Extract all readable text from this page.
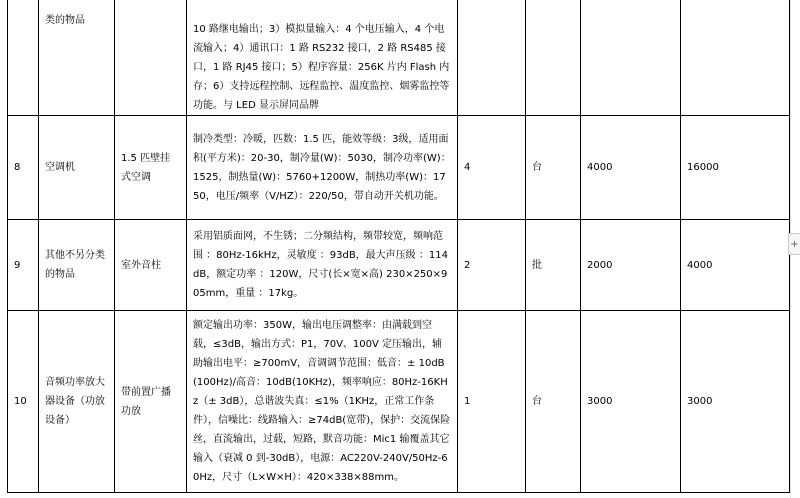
	类的物品		10 路继电输出；3）模拟量输入：4 个电压输入，4 个电流输入；4）通讯口：1 路 RS232 接口，2 路 RS485 接口，1 路 RJ45 接口；5）程序容量：256K 片内 Flash 内存；6）支持远程控制、远程监控、温度监控、烟雾监控等功能。与 LED 显示屏同品牌				
8	空调机	1.5 匹壁挂式空调	制冷类型：冷暖，匹数：1.5 匹，能效等级：3级，适用面积(平方米)：20-30，制冷量(W)：5030，制冷功率(W)：1525，制热量(W)：5760+1200W，制热功率(W)：1750，电压/频率（V/HZ）：220/50，带自动开关机功能。	4	台	4000	16000
9	其他不另分类的物品	室外音柱	采用铝质面网，不生锈；二分频结构，频带较宽，频响范围 ：80Hz-16kHz，灵敏度 ：93dB，最大声压级 ：114dB，额定功率 ：120W，尺寸(长×宽×高) 230×250×905mm，重量 ：17kg。	2	批	2000	4000
10	音频功率放大器设备（功放设备）	带前置广播功放	额定输出功率：350W，输出电压调整率：由满载到空载，≤3dB，输出方式：P1，70V、100V 定压输出，辅助输出电平：≥700mV，音调调节范围：低音：± 10dB(100Hz)/高音：10dB(10KHz)，频率响应：80Hz-16KHz（± 3dB），总谐波失真：≤1%（1KHz，正常工作条件），信噪比：线路输入：≥74dB(宽带)，保护：交流保险丝，直流输出，过载，短路，默音功能：Mic1 输覆盖其它输入（衰减 0 到-30dB），电源：AC220V-240V/50Hz-60Hz，尺寸（L×W×H）：420×338×88mm。	1	台	3000	3000
+
